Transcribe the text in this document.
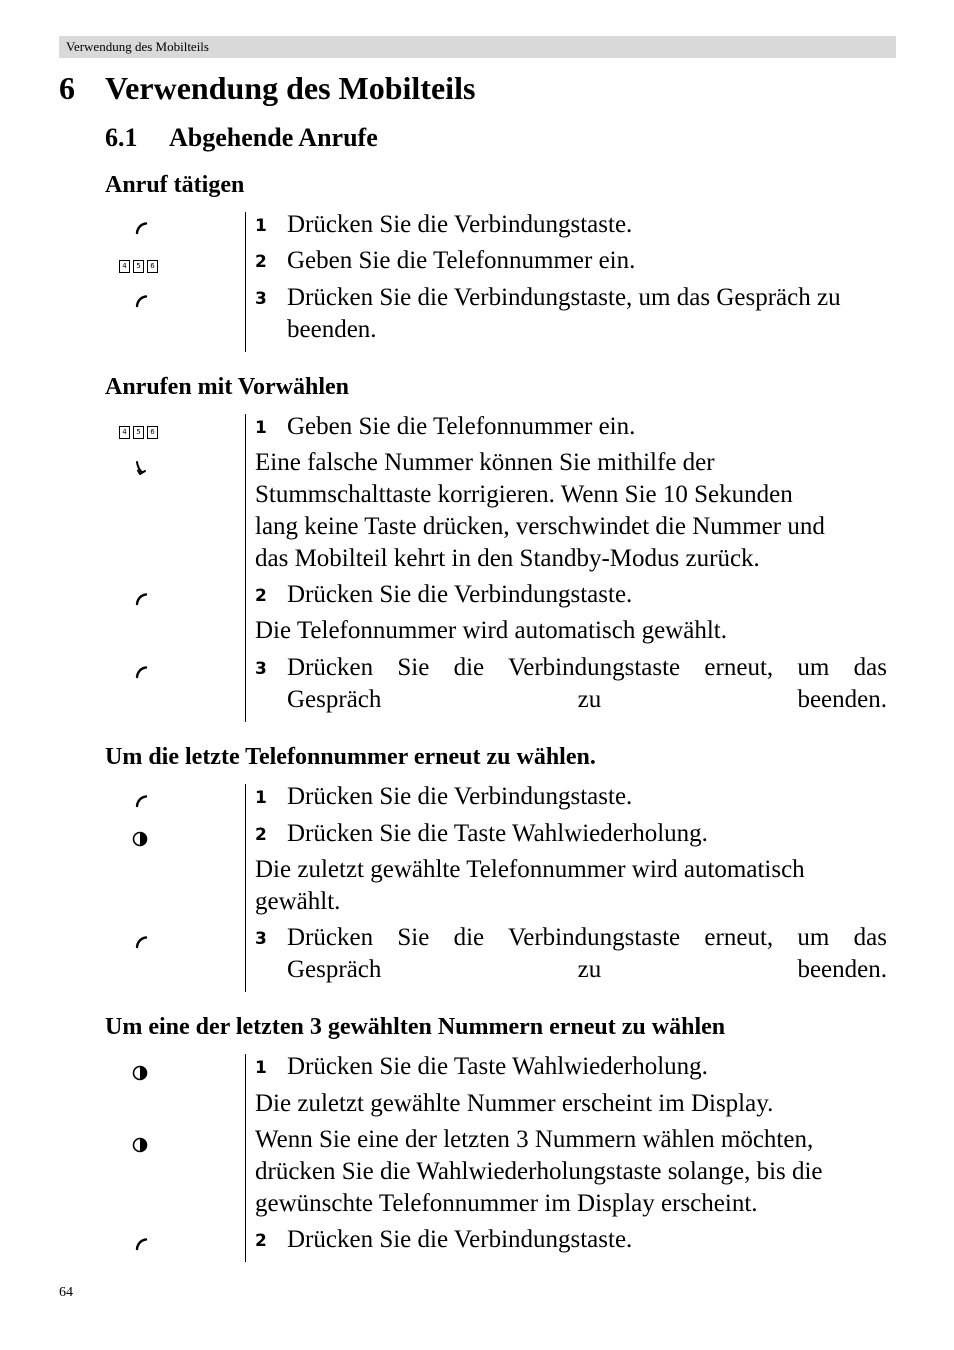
Verwendung des Mobilteils
6 Verwendung des Mobilteils
6.1 Abgehende Anrufe
Anruf tätigen
4	5	6
1 Drücken Sie die Verbindungstaste.
2 Geben Sie die Telefonnummer ein.
3 Drücken Sie die Verbindungstaste, um das Gespräch zu
beenden.
Anrufen mit Vorwählen
4	5	6	1 Geben Sie die Telefonnummer ein.
Eine falsche Nummer können Sie mithilfe der
Stummschalttaste korrigieren. Wenn Sie 10 Sekunden
lang keine Taste drücken, verschwindet die Nummer und
das Mobilteil kehrt in den Standby-Modus zurück.
2 Drücken Sie die Verbindungstaste.
Die Telefonnummer wird automatisch gewählt.
3 Drücken Sie die Verbindungstaste erneut, um das
Gespräch zu beenden.
Um die letzte Telefonnummer erneut zu wählen.
1 Drücken Sie die Verbindungstaste.
2 Drücken Sie die Taste Wahlwiederholung.
Die zuletzt gewählte Telefonnummer wird automatisch
gewählt.
3 Drücken Sie die Verbindungstaste erneut, um das
Gespräch zu beenden.
Um eine der letzten 3 gewählten Nummern erneut zu wählen
1 Drücken Sie die Taste Wahlwiederholung.
Die zuletzt gewählte Nummer erscheint im Display.
Wenn Sie eine der letzten 3 Nummern wählen möchten,
drücken Sie die Wahlwiederholungstaste solange, bis die
gewünschte Telefonnummer im Display erscheint.
2 Drücken Sie die Verbindungstaste.
64
